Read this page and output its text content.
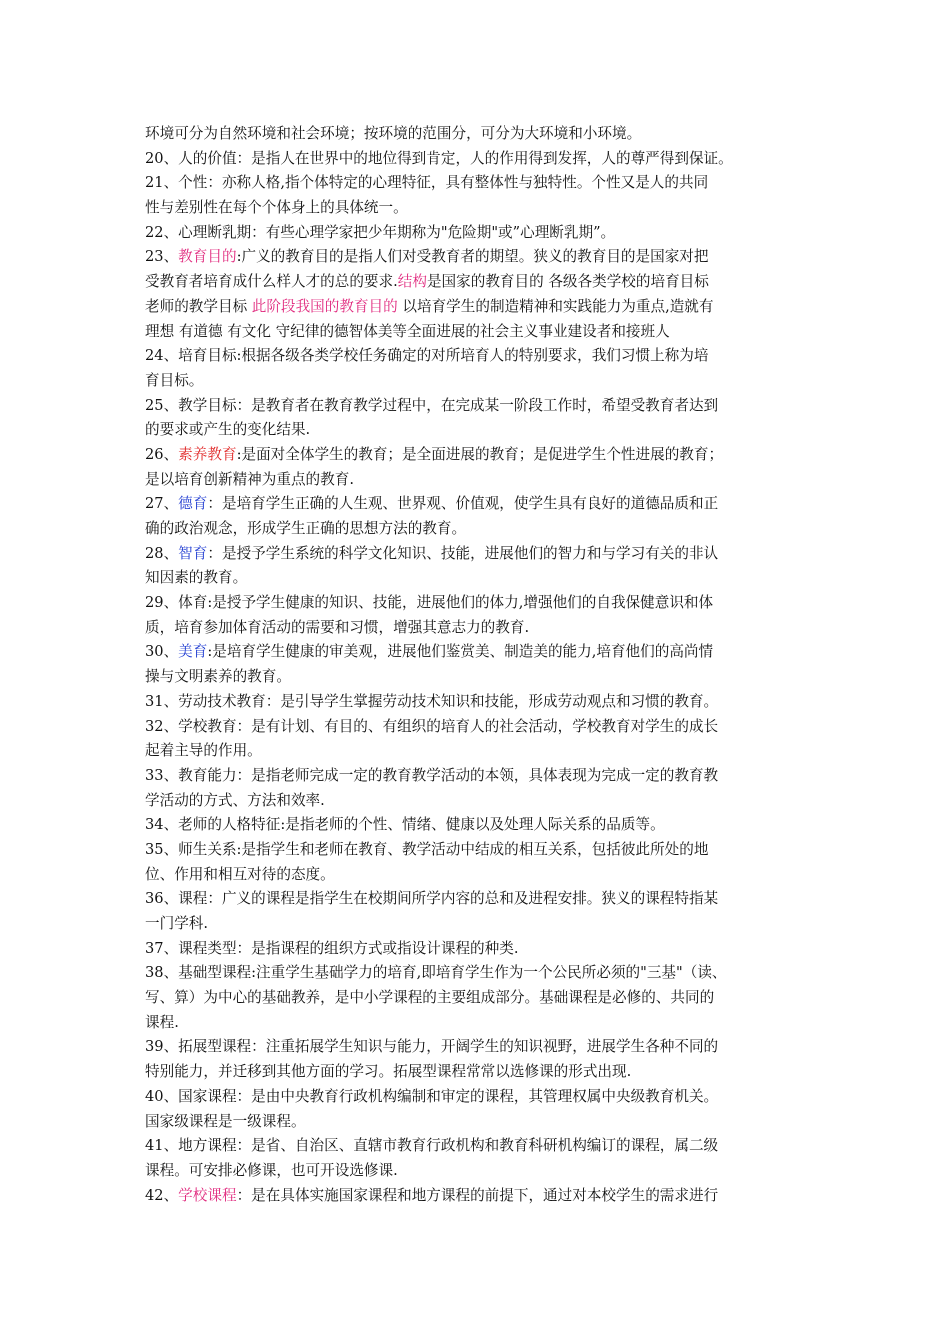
环境可分为自然环境和社会环境；按环境的范围分，可分为大环境和小环境。
20、人的价值：是指人在世界中的地位得到肯定，人的作用得到发挥，人的尊严得到保证。
21、个性：亦称人格,指个体特定的心理特征，具有整体性与独特性。个性又是人的共同
性与差别性在每个个体身上的具体统一。
22、心理断乳期：有些心理学家把少年期称为"危险期"或”心理断乳期”。
23、教育目的:广义的教育目的是指人们对受教育者的期望。狭义的教育目的是国家对把
受教育者培育成什么样人才的总的要求.结构是国家的教育目的 各级各类学校的培育目标
老师的教学目标 此阶段我国的教育目的 以培育学生的制造精神和实践能力为重点,造就有
理想 有道德 有文化 守纪律的德智体美等全面进展的社会主义事业建设者和接班人
24、培育目标:根据各级各类学校任务确定的对所培育人的特别要求，我们习惯上称为培
育目标。
25、教学目标：是教育者在教育教学过程中，在完成某一阶段工作时，希望受教育者达到
的要求或产生的变化结果.
26、素养教育:是面对全体学生的教育；是全面进展的教育；是促进学生个性进展的教育；
是以培育创新精神为重点的教育.
27、德育：是培育学生正确的人生观、世界观、价值观，使学生具有良好的道德品质和正
确的政治观念，形成学生正确的思想方法的教育。
28、智育：是授予学生系统的科学文化知识、技能，进展他们的智力和与学习有关的非认
知因素的教育。
29、体育:是授予学生健康的知识、技能，进展他们的体力,增强他们的自我保健意识和体
质，培育参加体育活动的需要和习惯，增强其意志力的教育.
30、美育:是培育学生健康的审美观，进展他们鉴赏美、制造美的能力,培育他们的高尚情
操与文明素养的教育。
31、劳动技术教育：是引导学生掌握劳动技术知识和技能，形成劳动观点和习惯的教育。
32、学校教育：是有计划、有目的、有组织的培育人的社会活动，学校教育对学生的成长
起着主导的作用。
33、教育能力：是指老师完成一定的教育教学活动的本领，具体表现为完成一定的教育教
学活动的方式、方法和效率.
34、老师的人格特征:是指老师的个性、情绪、健康以及处理人际关系的品质等。
35、师生关系:是指学生和老师在教育、教学活动中结成的相互关系，包括彼此所处的地
位、作用和相互对待的态度。
36、课程：广义的课程是指学生在校期间所学内容的总和及进程安排。狭义的课程特指某
一门学科.
37、课程类型：是指课程的组织方式或指设计课程的种类.
38、基础型课程:注重学生基础学力的培育,即培育学生作为一个公民所必须的"三基"（读、
写、算）为中心的基础教养，是中小学课程的主要组成部分。基础课程是必修的、共同的
课程.
39、拓展型课程：注重拓展学生知识与能力，开阔学生的知识视野，进展学生各种不同的
特别能力，并迁移到其他方面的学习。拓展型课程常常以选修课的形式出现.
40、国家课程：是由中央教育行政机构编制和审定的课程，其管理权属中央级教育机关。
国家级课程是一级课程。
41、地方课程：是省、自治区、直辖市教育行政机构和教育科研机构编订的课程，属二级
课程。可安排必修课，也可开设选修课.
42、学校课程：是在具体实施国家课程和地方课程的前提下，通过对本校学生的需求进行
